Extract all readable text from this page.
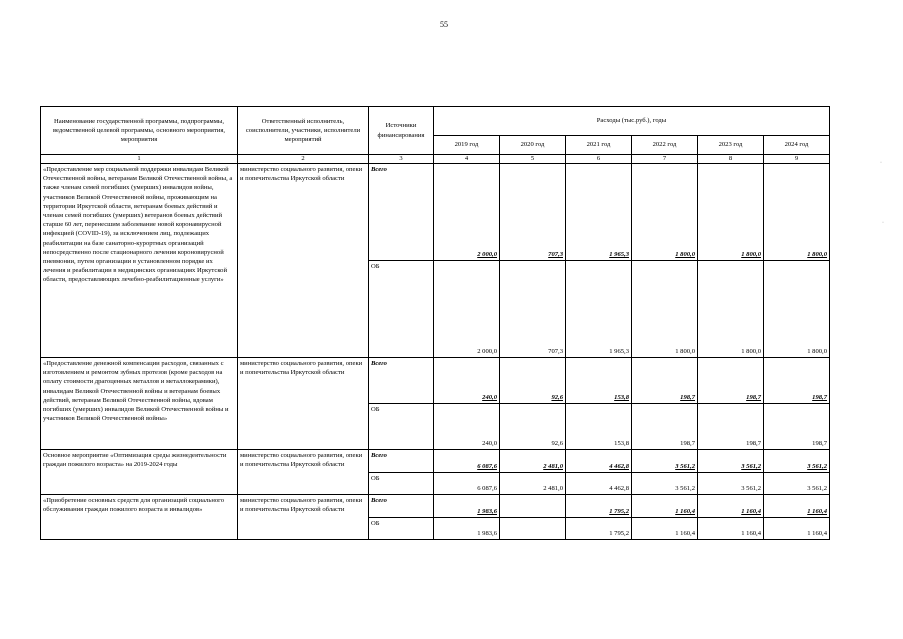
55
·
·
Наименование государственной программы, подпрограммы, ведомственной целевой программы, основного мероприятия, мероприятия	Ответственный исполнитель, соисполнители, участники, исполнители мероприятий	Источники финансирования	Расходы (тыс.руб.), годы					
			2019 год	2020 год	2021 год	2022 год	2023 год	2024 год
1	2	3	4	5	6	7	8	9
«Предоставление мер социальной поддержки инвалидам Великой Отечественной войны, ветеранам Великой Отечественной войны, а также членам семей погибших (умерших) инвалидов войны, участников Великой Отечественной войны, проживающим на территории Иркутской области, ветеранам боевых действий и членам семей погибших (умерших) ветеранов боевых действий старше 60 лет, перенесшим заболевание новой коронавирусной инфекцией (COVID-19), за исключением лиц, подлежащих реабилитации на базе санаторно-курортных организаций непосредственно после стационарного лечения короновирусной пневмонии, путем организации в установленном порядке их лечения и реабилитации в медицинских организациях Иркутской области, предоставляющих лечебно-реабилитационные услуги»	министерство социального развития, опеки и попечительства Иркутской области	Всего	2 000,0	707,3	1 965,3	1 800,0	1 800,0	1 800,0
		ОБ	2 000,0	707,3	1 965,3	1 800,0	1 800,0	1 800,0
«Предоставление денежной компенсации расходов, связанных с изготовлением и ремонтом зубных протезов (кроме расходов на оплату стоимости драгоценных металлов и металлокерамики), инвалидам Великой Отечественной войны и ветеранам боевых действий, ветеранам Великой Отечественной войны, вдовам погибших (умерших) инвалидов Великой Отечественной войны и участников Великой Отечественной войны»	министерство социального развития, опеки и попечительства Иркутской области	Всего	240,0	92,6	153,8	198,7	198,7	198,7
		ОБ	240,0	92,6	153,8	198,7	198,7	198,7
Основное мероприятие «Оптимизация среды жизнедеятельности граждан пожилого возраста» на 2019-2024 годы	министерство социального развития, опеки и попечительства Иркутской области	Всего	6 087,6	2 481,0	4 462,8	3 561,2	3 561,2	3 561,2
		ОБ	6 087,6	2 481,0	4 462,8	3 561,2	3 561,2	3 561,2
«Приобретение основных средств для организаций социального обслуживания граждан пожилого возраста и инвалидов»	министерство социального развития, опеки и попечительства Иркутской области	Всего	1 983,6		1 795,2	1 160,4	1 160,4	1 160,4
		ОБ	1 983,6		1 795,2	1 160,4	1 160,4	1 160,4
